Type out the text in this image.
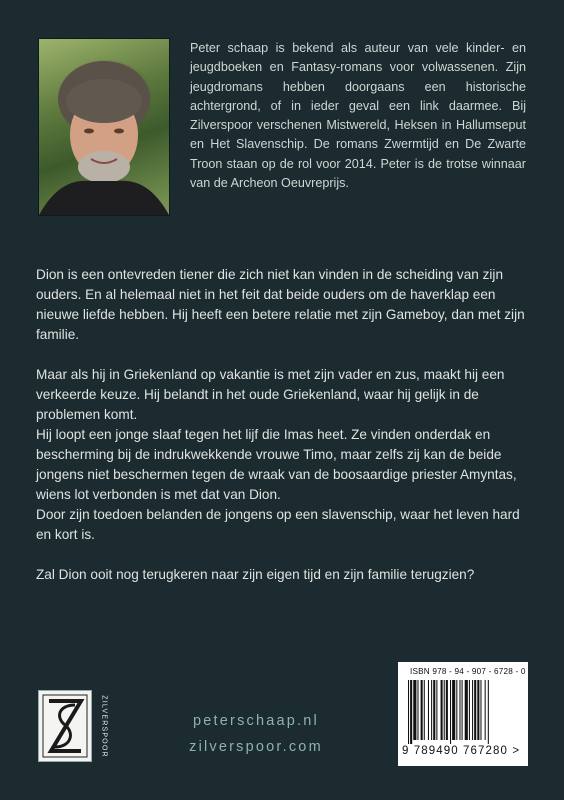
Peter schaap is bekend als auteur van vele kinder- en jeugdboeken en Fantasy-romans voor volwassenen. Zijn jeugdromans hebben doorgaans een historische achtergrond, of in ieder geval een link daarmee. Bij Zilverspoor verschenen Mistwereld, Heksen in Hallumseput en Het Slavenschip. De romans Zwermtijd en De Zwarte Troon staan op de rol voor 2014. Peter is de trotse winnaar van de Archeon Oeuvreprijs.

Dion is een ontevreden tiener die zich niet kan vinden in de scheiding van zijn ouders. En al helemaal niet in het feit dat beide ouders om de haverklap een nieuwe liefde hebben. Hij heeft een betere relatie met zijn Gameboy, dan met zijn familie.

Maar als hij in Griekenland op vakantie is met zijn vader en zus, maakt hij een verkeerde keuze. Hij belandt in het oude Griekenland, waar hij gelijk in de problemen komt.

Hij loopt een jonge slaaf tegen het lijf die Imas heet. Ze vinden onderdak en bescherming bij de indrukwekkende vrouwe Timo, maar zelfs zij kan de beide jongens niet beschermen tegen de wraak van de boosaardige priester Amyntas, wiens lot verbonden is met dat van Dion.

Door zijn toedoen belanden de jongens op een slavenschip, waar het leven hard en kort is.

Zal Dion ooit nog terugkeren naar zijn eigen tijd en zijn familie terugzien?

ZILVERSPOOR	peterschaap.nl
zilverspoor.com
ISBN 978 - 94 - 907 - 6728 - 0
9 789490 767280 >
